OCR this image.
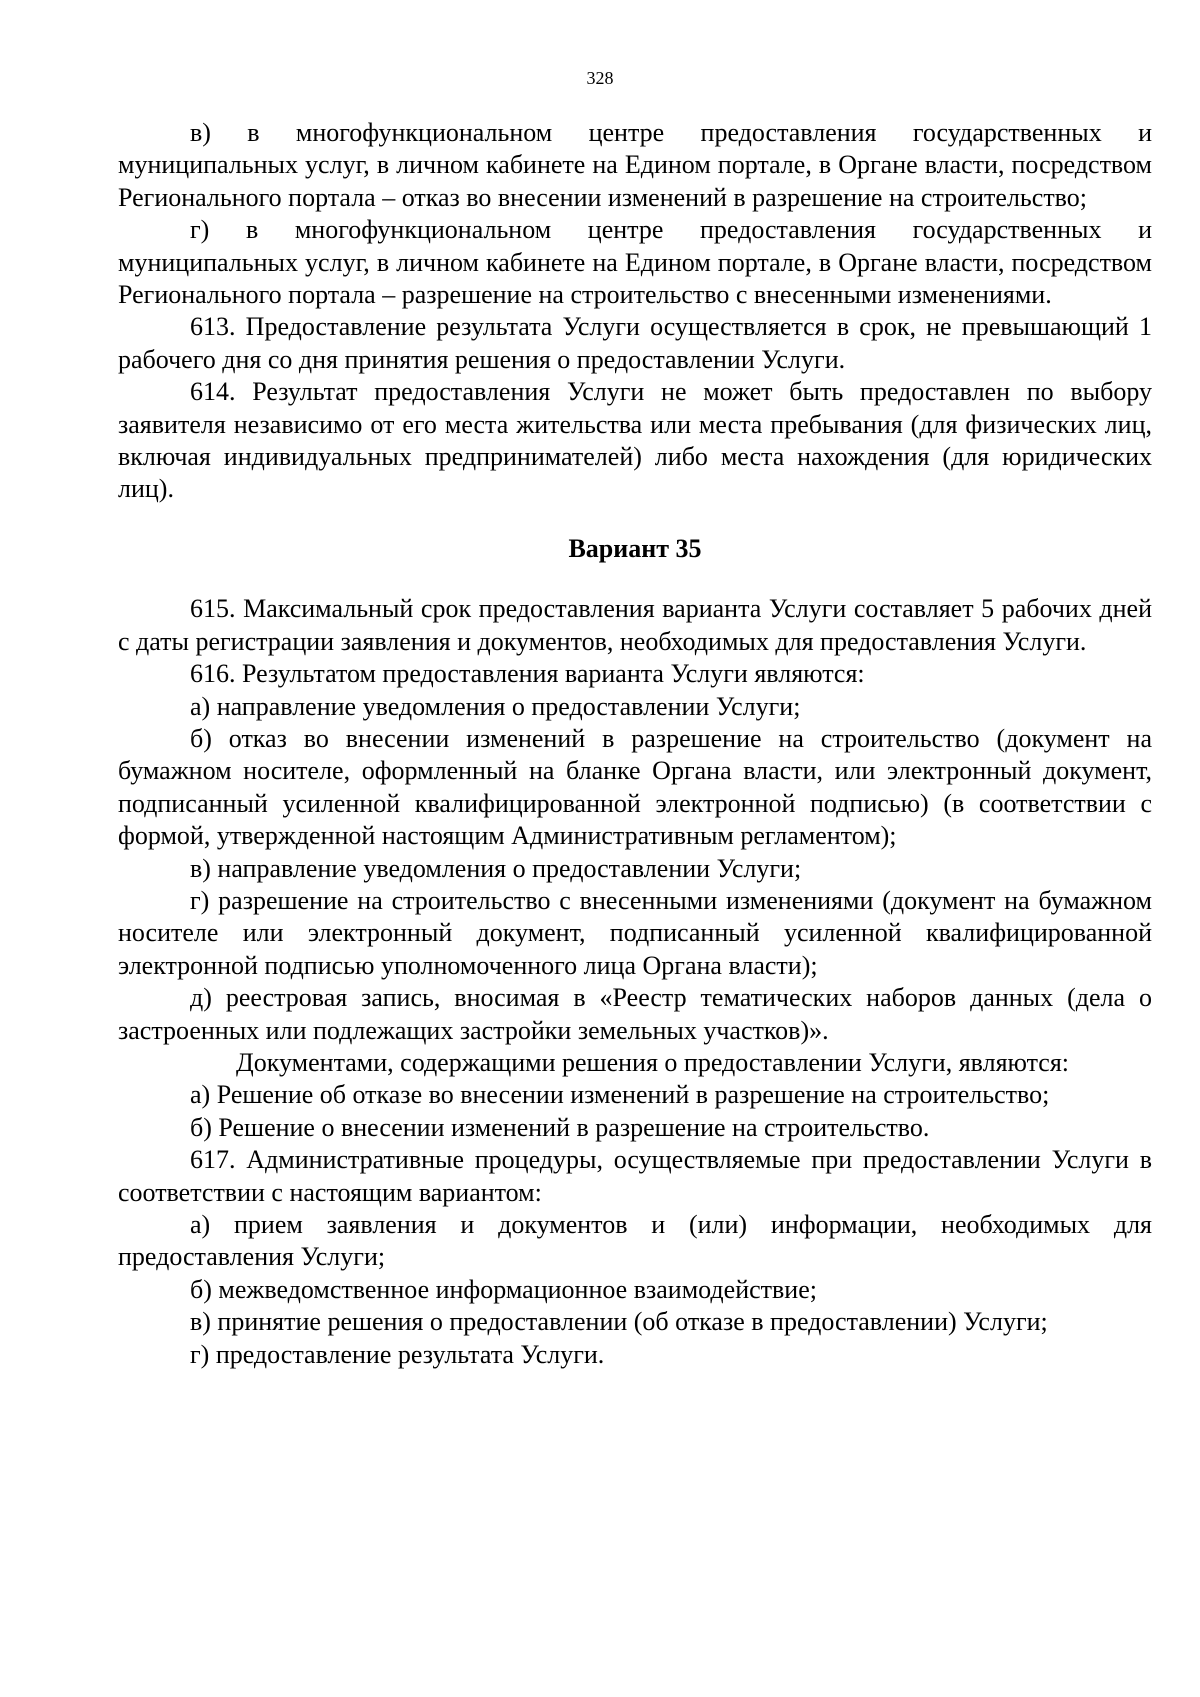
328

в) в многофункциональном центре предоставления государственных и муниципальных услуг, в личном кабинете на Едином портале, в Органе власти, посредством Регионального портала – отказ во внесении изменений в разрешение на строительство;

г) в многофункциональном центре предоставления государственных и муниципальных услуг, в личном кабинете на Едином портале, в Органе власти, посредством Регионального портала – разрешение на строительство с внесенными изменениями.

613. Предоставление результата Услуги осуществляется в срок, не превышающий 1 рабочего дня со дня принятия решения о предоставлении Услуги.

614. Результат предоставления Услуги не может быть предоставлен по выбору заявителя независимо от его места жительства или места пребывания (для физических лиц, включая индивидуальных предпринимателей) либо места нахождения (для юридических лиц).

Вариант 35

615. Максимальный срок предоставления варианта Услуги составляет 5 рабочих дней с даты регистрации заявления и документов, необходимых для предоставления Услуги.

616. Результатом предоставления варианта Услуги являются:

а) направление уведомления о предоставлении Услуги;

б) отказ во внесении изменений в разрешение на строительство (документ на бумажном носителе, оформленный на бланке Органа власти, или электронный документ, подписанный усиленной квалифицированной электронной подписью) (в соответствии с формой, утвержденной настоящим Административным регламентом);

в) направление уведомления о предоставлении Услуги;

г) разрешение на строительство с внесенными изменениями (документ на бумажном носителе или электронный документ, подписанный усиленной квалифицированной электронной подписью уполномоченного лица Органа власти);

д) реестровая запись, вносимая в «Реестр тематических наборов данных (дела о застроенных или подлежащих застройки земельных участков)».

Документами, содержащими решения о предоставлении Услуги, являются:

а) Решение об отказе во внесении изменений в разрешение на строительство;

б) Решение о внесении изменений в разрешение на строительство.

617. Административные процедуры, осуществляемые при предоставлении Услуги в соответствии с настоящим вариантом:

а) прием заявления и документов и (или) информации, необходимых для предоставления Услуги;

б) межведомственное информационное взаимодействие;

в) принятие решения о предоставлении (об отказе в предоставлении) Услуги;

г) предоставление результата Услуги.
